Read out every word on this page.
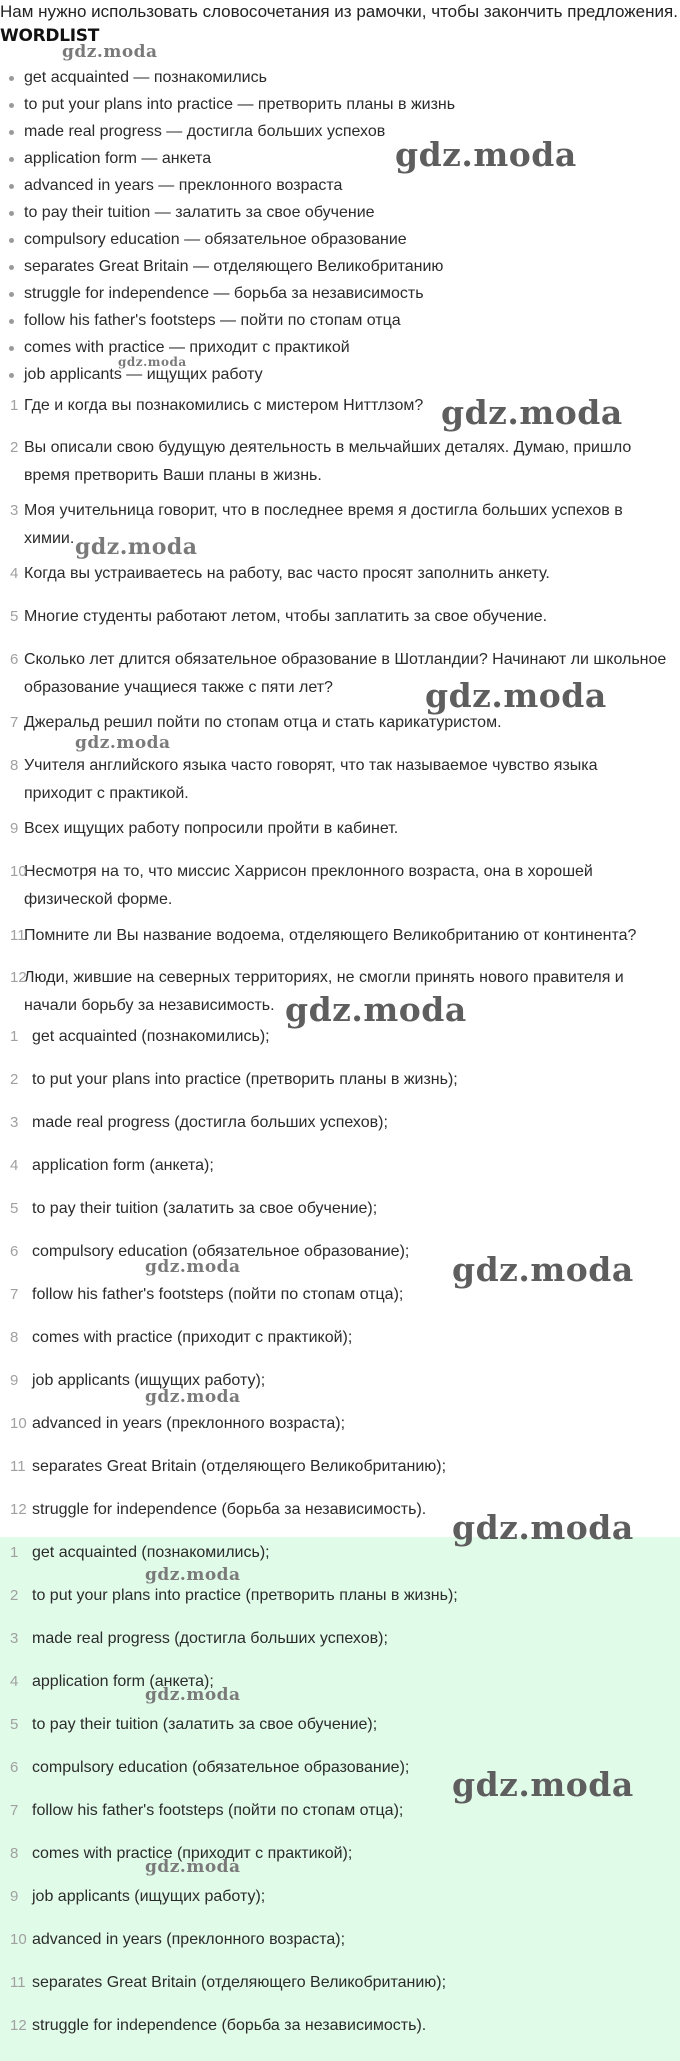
Нам нужно использовать словосочетания из рамочки, чтобы закончить предложения.
WORDLIST
get acquainted — познакомились
to put your plans into practice — претворить планы в жизнь
made real progress — достигла больших успехов
application form — анкета
advanced in years — преклонного возраста
to pay their tuition — залатить за свое обучение
compulsory education — обязательное образование
separates Great Britain — отделяющего Великобританию
struggle for independence — борьба за независимость
follow his father's footsteps — пойти по стопам отца
comes with practice — приходит с практикой
job applicants — ищущих работу
1 Где и когда вы познакомились с мистером Ниттлзом?
2 Вы описали свою будущую деятельность в мельчайших деталях. Думаю, пришло время претворить Ваши планы в жизнь.
3 Моя учительница говорит, что в последнее время я достигла больших успехов в химии.
4 Когда вы устраиваетесь на работу, вас часто просят заполнить анкету.
5 Многие студенты работают летом, чтобы заплатить за свое обучение.
6 Сколько лет длится обязательное образование в Шотландии? Начинают ли школьное образование учащиеся также с пяти лет?
7 Джеральд решил пойти по стопам отца и стать карикатуристом.
8 Учителя английского языка часто говорят, что так называемое чувство языка приходит с практикой.
9 Всех ищущих работу попросили пройти в кабинет.
10
Несмотря на то, что миссис Харрисон преклонного возраста, она в хорошей физической форме.
11
Помните ли Вы название водоема, отделяющего Великобританию от континента?
12
Люди, жившие на северных территориях, не смогли принять нового правителя и начали борьбу за независимость.
1 get acquainted (познакомились);
2 to put your plans into practice (претворить планы в жизнь);
3 made real progress (достигла больших успехов);
4 application form (анкета);
5 to pay their tuition (залатить за свое обучение);
6 compulsory education (обязательное образование);
7 follow his father's footsteps (пойти по стопам отца);
8 comes with practice (приходит с практикой);
9 job applicants (ищущих работу);
10 advanced in years (преклонного возраста);
11 separates Great Britain (отделяющего Великобританию);
12 struggle for independence (борьба за независимость).
1 get acquainted (познакомились);
2 to put your plans into practice (претворить планы в жизнь);
3 made real progress (достигла больших успехов);
4 application form (анкета);
5 to pay their tuition (залатить за свое обучение);
6 compulsory education (обязательное образование);
7 follow his father's footsteps (пойти по стопам отца);
8 comes with practice (приходит с практикой);
9 job applicants (ищущих работу);
10 advanced in years (преклонного возраста);
11 separates Great Britain (отделяющего Великобританию);
12 struggle for independence (борьба за независимость).
gdz.moda
gdz.moda
gdz.moda
gdz.moda
gdz.moda
gdz.moda
gdz.moda
gdz.moda
gdz.moda
gdz.moda
gdz.moda
gdz.moda
gdz.moda
gdz.moda
gdz.moda
gdz.moda
